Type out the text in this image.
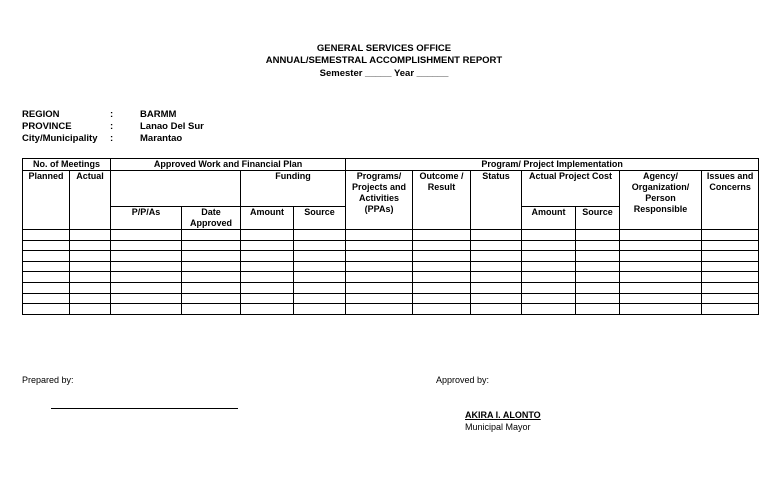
GENERAL SERVICES OFFICE
ANNUAL/SEMESTRAL ACCOMPLISHMENT REPORT
Semester _____ Year ______
REGION	:	BARMM
PROVINCE	:	Lanao Del Sur
City/Municipality :	Marantao
No. of Meetings		Approved Work and Financial Plan				Program/ Project Implementation						
Planned	Actual			Funding		Programs/ Projects and Activities (PPAs)	Outcome / Result	Status	Actual Project Cost		Agency/ Organization/ Person Responsible	Issues and Concerns
		P/P/As	Date Approved	Amount	Source				Amount	Source		

Prepared by:	Approved by:
AKIRA I. ALONTO
Municipal Mayor
